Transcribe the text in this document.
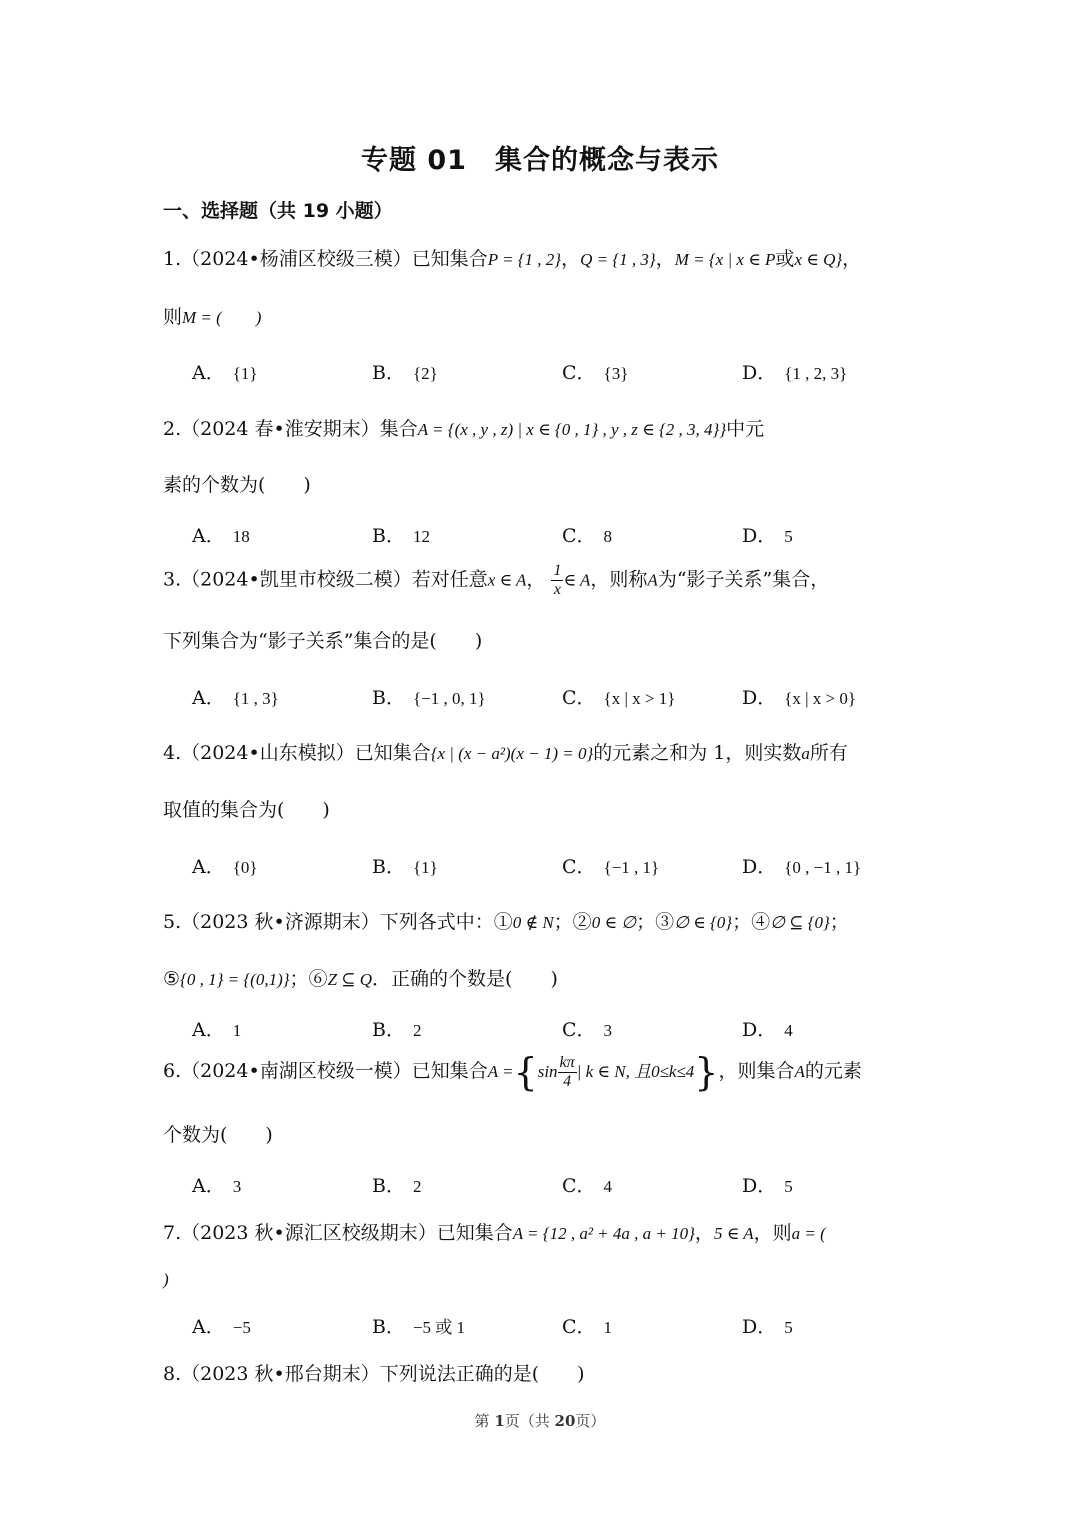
专题 01　集合的概念与表示
一、选择题（共 19 小题）
1.（2024•杨浦区校级三模）已知集合P = {1 , 2}，Q = {1 , 3}，M = {x | x ∈ P或x ∈ Q}，
则M = (　　)
A． {1}	B． {2}	C． {3}	D． {1 , 2, 3}
2.（2024 春•淮安期末）集合A = {(x , y , z) | x ∈ {0 , 1} , y , z ∈ {2 , 3, 4}}中元
素的个数为(　　)
A． 18	B． 12	C． 8	D． 5
3.（2024•凯里市校级二模）若对任意x ∈ A， $\frac{1}{x}$ ∈ A，则称A为“影子关系”集合，
下列集合为“影子关系”集合的是(　　)
A． {1 , 3}	B． {−1 , 0, 1}	C． {x | x > 1}	D． {x | x > 0}
4.（2024•山东模拟）已知集合{x | (x − a²)(x − 1) = 0}的元素之和为 1，则实数a所有
取值的集合为(　　)
A． {0}	B． {1}	C． {−1 , 1}	D． {0 , −1 , 1}
5.（2023 秋•济源期末）下列各式中：①0 ∉ N；②0 ∈ ∅；③∅ ∈ {0}；④∅ ⊆ {0}；
⑤{0 , 1} = {(0,1)}；⑥Z ⊆ Q．正确的个数是(　　)
A． 1	B． 2	C． 3	D． 4
6.（2024•南湖区校级一模）已知集合$A =\{\sin \frac{k\pi}{4}$ | k ∈ N, 且0≤k≤4}，则集合A的元素
个数为(　　)
A． 3	B． 2	C． 4	D． 5
7.（2023 秋•源汇区校级期末）已知集合A = {12 , a² + 4a , a + 10}，5 ∈ A，则a = (
)
A． −5	B． −5 或 1	C． 1	D． 5
8.（2023 秋•邢台期末）下列说法正确的是(　　)
第 1页（共 20页）
